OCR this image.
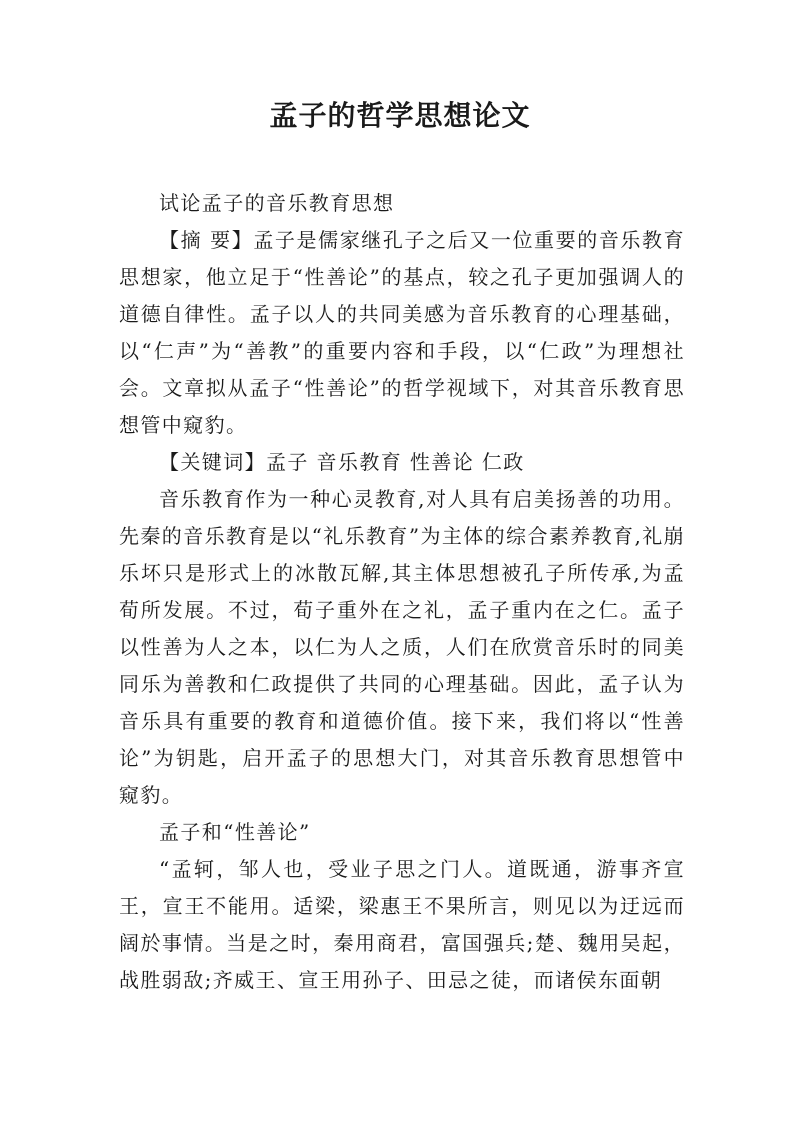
孟子的哲学思想论文

试论孟子的音乐教育思想

【摘 要】孟子是儒家继孔子之后又一位重要的音乐教育思想家，他立足于“性善论”的基点，较之孔子更加强调人的道德自律性。孟子以人的共同美感为音乐教育的心理基础，以“仁声”为“善教”的重要内容和手段，以“仁政”为理想社会。文章拟从孟子“性善论”的哲学视域下，对其音乐教育思想管中窥豹。

【关键词】孟子 音乐教育 性善论 仁政

音乐教育作为一种心灵教育,对人具有启美扬善的功用。先秦的音乐教育是以“礼乐教育”为主体的综合素养教育,礼崩乐坏只是形式上的冰散瓦解,其主体思想被孔子所传承,为孟荀所发展。不过，荀子重外在之礼，孟子重内在之仁。孟子以性善为人之本，以仁为人之质，人们在欣赏音乐时的同美同乐为善教和仁政提供了共同的心理基础。因此，孟子认为音乐具有重要的教育和道德价值。接下来，我们将以“性善论”为钥匙，启开孟子的思想大门，对其音乐教育思想管中窥豹。

孟子和“性善论”

“孟轲，邹人也，受业子思之门人。道既通，游事齐宣王，宣王不能用。适梁，梁惠王不果所言，则见以为迂远而阔於事情。当是之时，秦用商君，富国强兵;楚、魏用吴起，战胜弱敌;齐威王、宣王用孙子、田忌之徒，而诸侯东面朝
